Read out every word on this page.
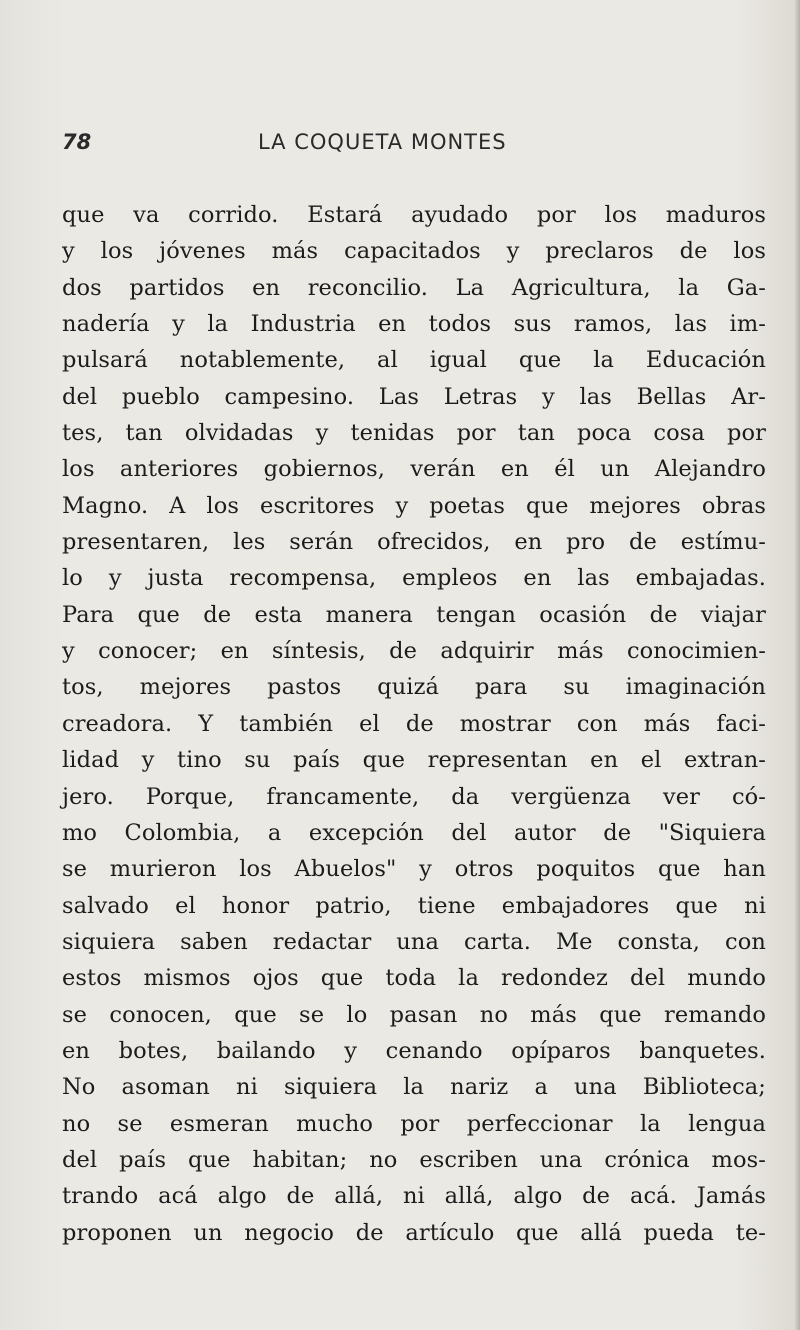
78	LA COQUETA MONTES
que va corrido. Estará ayudado por los maduros
y los jóvenes más capacitados y preclaros de los
dos partidos en reconcilio. La Agricultura, la Ga-
nadería y la Industria en todos sus ramos, las im-
pulsará notablemente, al igual que la Educación
del pueblo campesino. Las Letras y las Bellas Ar-
tes, tan olvidadas y tenidas por tan poca cosa por
los anteriores gobiernos, verán en él un Alejandro
Magno. A los escritores y poetas que mejores obras
presentaren, les serán ofrecidos, en pro de estímu-
lo y justa recompensa, empleos en las embajadas.
Para que de esta manera tengan ocasión de viajar
y conocer; en síntesis, de adquirir más conocimien-
tos, mejores pastos quizá para su imaginación
creadora. Y también el de mostrar con más faci-
lidad y tino su país que representan en el extran-
jero. Porque, francamente, da vergüenza ver có-
mo Colombia, a excepción del autor de "Siquiera
se murieron los Abuelos" y otros poquitos que han
salvado el honor patrio, tiene embajadores que ni
siquiera saben redactar una carta. Me consta, con
estos mismos ojos que toda la redondez del mundo
se conocen, que se lo pasan no más que remando
en botes, bailando y cenando opíparos banquetes.
No asoman ni siquiera la nariz a una Biblioteca;
no se esmeran mucho por perfeccionar la lengua
del país que habitan; no escriben una crónica mos-
trando acá algo de allá, ni allá, algo de acá. Jamás
proponen un negocio de artículo que allá pueda te-
